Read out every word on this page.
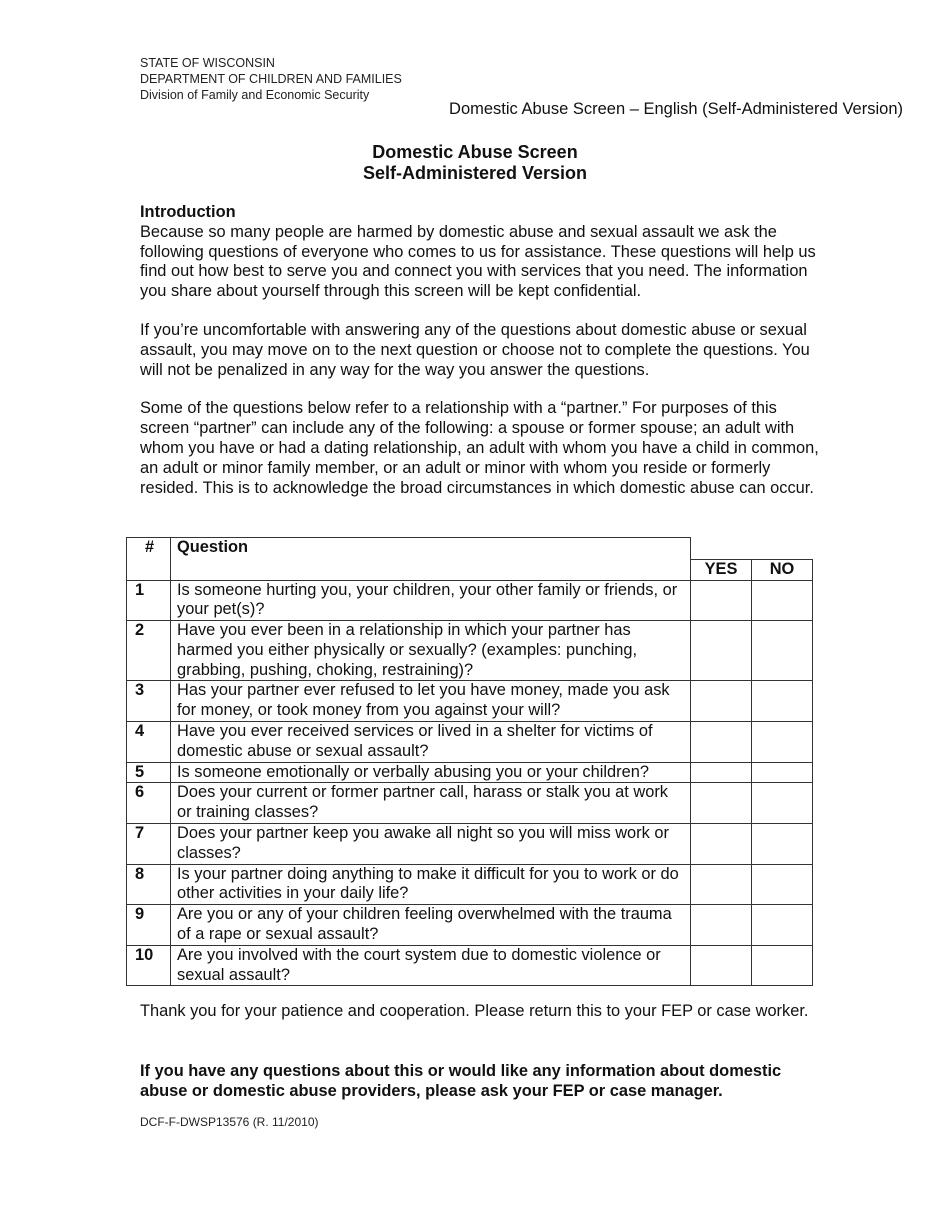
STATE OF WISCONSIN
DEPARTMENT OF CHILDREN AND FAMILIES
Division of Family and Economic Security
Domestic Abuse Screen – English (Self-Administered Version)
Domestic Abuse Screen
Self-Administered Version
Introduction

Because so many people are harmed by domestic abuse and sexual assault we ask the following questions of everyone who comes to us for assistance. These questions will help us find out how best to serve you and connect you with services that you need. The information you share about yourself through this screen will be kept confidential.

If you’re uncomfortable with answering any of the questions about domestic abuse or sexual assault, you may move on to the next question or choose not to complete the questions. You will not be penalized in any way for the way you answer the questions.

Some of the questions below refer to a relationship with a “partner.” For purposes of this screen “partner” can include any of the following: a spouse or former spouse; an adult with whom you have or had a dating relationship, an adult with whom you have a child in common, an adult or minor family member, or an adult or minor with whom you reside or formerly resided. This is to acknowledge the broad circumstances in which domestic abuse can occur.

#	Question		
		YES	NO
1	Is someone hurting you, your children, your other family or friends, or your pet(s)?		
2	Have you ever been in a relationship in which your partner has harmed you either physically or sexually? (examples: punching, grabbing, pushing, choking, restraining)?		
3	Has your partner ever refused to let you have money, made you ask for money, or took money from you against your will?		
4	Have you ever received services or lived in a shelter for victims of domestic abuse or sexual assault?		
5	Is someone emotionally or verbally abusing you or your children?		
6	Does your current or former partner call, harass or stalk you at work or training classes?		
7	Does your partner keep you awake all night so you will miss work or classes?		
8	Is your partner doing anything to make it difficult for you to work or do other activities in your daily life?		
9	Are you or any of your children feeling overwhelmed with the trauma of a rape or sexual assault?		
10	Are you involved with the court system due to domestic violence or sexual assault?		
Thank you for your patience and cooperation. Please return this to your FEP or case worker.
If you have any questions about this or would like any information about domestic abuse or domestic abuse providers, please ask your FEP or case manager.
DCF-F-DWSP13576 (R. 11/2010)
